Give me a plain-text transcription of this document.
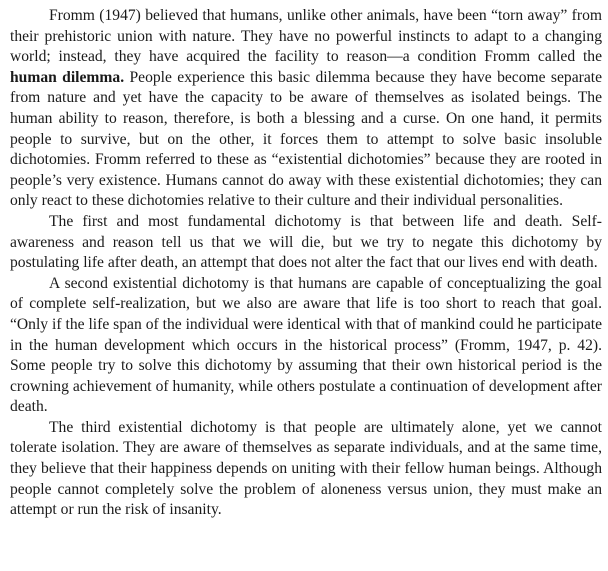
Fromm (1947) believed that humans, unlike other animals, have been “torn away” from their prehistoric union with nature. They have no powerful instincts to adapt to a changing world; instead, they have acquired the facility to reason—a condition Fromm called the human dilemma. People experience this basic dilemma because they have become separate from nature and yet have the capacity to be aware of themselves as isolated beings. The human ability to reason, therefore, is both a blessing and a curse. On one hand, it permits people to survive, but on the other, it forces them to attempt to solve basic insoluble dichotomies. Fromm referred to these as “existential dichotomies” because they are rooted in people’s very existence. Humans cannot do away with these existential dichotomies; they can only react to these dichotomies relative to their culture and their individual personalities.

The first and most fundamental dichotomy is that between life and death. Self-awareness and reason tell us that we will die, but we try to negate this dichotomy by postulating life after death, an attempt that does not alter the fact that our lives end with death.

A second existential dichotomy is that humans are capable of conceptualizing the goal of complete self-realization, but we also are aware that life is too short to reach that goal. “Only if the life span of the individual were identical with that of mankind could he participate in the human development which occurs in the historical process” (Fromm, 1947, p. 42). Some people try to solve this dichotomy by assuming that their own historical period is the crowning achievement of humanity, while others postulate a continuation of development after death.

The third existential dichotomy is that people are ultimately alone, yet we cannot tolerate isolation. They are aware of themselves as separate individuals, and at the same time, they believe that their happiness depends on uniting with their fellow human beings. Although people cannot completely solve the problem of aloneness versus union, they must make an attempt or run the risk of insanity.
